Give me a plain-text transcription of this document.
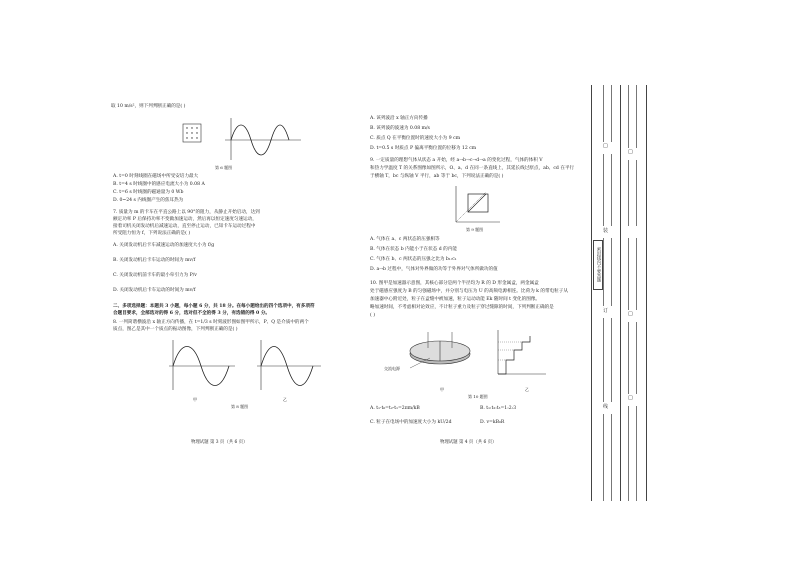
取 10 m/s²，则下列判断正确的是( )
第 6 题图
A. t=0 时刻线圈在磁场中所受安培力最大
B. t=4 s 时线圈中的感应电流大小为 0.08 A
C. t=6 s 时线圈的磁通量为 0 Wb
D. 0~24 s 内线圈产生的焦耳热为
7. 质量为 m 的卡车在平直公路上以 90°的阻力，从静止开始启动，达到
额定功率 P 后保持功率不变做加速运动，然后再以恒定速度匀速运动，
接着司机关闭发动机后减速运动，直至停止运动，已知卡车运动过程中
所受阻力恒为 f，下列说法正确的是( )
A. 关闭发动机后卡车减速运动的加速度大小为 f/g
B. 关闭发动机后卡车运动的时间为 mv/f
C. 关闭发动机前卡车的最小牵引力为 P/v
D. 关闭发动机后卡车运动的时间为 mv/f
二、多项选择题：本题共 3 小题，每小题 6 分，共 18 分。在每小题给出的四个选项中，有多项符
合题目要求，全部选对的得 6 分，选对但不全的得 3 分，有选错的得 0 分。
8. 一列简谐横波沿 x 轴正方向传播，在 t=1/3 s 时刻波形图如图甲所示，P、Q 是介质中的两个
质点，图乙是其中一个质点的振动图像，下列判断正确的是( )
甲	乙
第 8 题图
物理试题 第 3 页（共 6 页）
A. 该列波沿 x 轴正方向传播
B. 该列波的波速为 0.08 m/s
C. 质点 Q 在平衡位置时的速度大小为 9 cm
D. t=0.5 s 时质点 P 偏离平衡位置的位移为 12 cm
9. 一定质量的理想气体从状态 a 开始，经 a→b→c→d→a 的变化过程，气体的体积 V
和热力学温度 T 的关系图像如图所示，O、a、d 在同一条直线上，其延长线过原点，ab、cd 在平行
于横轴 T，bc 与纵轴 V 平行，ab 等于 bc，下列说法正确的是( )
第 9 题图
A. 气体在 a、c 两状态的压强相等
B. 气体在状态 b 内能小于在状态 d 的内能
C. 气体在 b、c 两状态的压强之比为 b₁:c₁
D. a→b 过程中，气体对外界做的功等于外界对气体所做功的值
10. 图甲是加速器示意图，其核心部分是两个半径均为 R 的 D 形金属盒，两金属盒
处于磁感应强度为 B 的匀强磁场中，并分别与电压为 U 的高频电源相连。比荷为 k 的带电粒子从
加速器中心附近处，粒子在盒缝中被加速，粒子运动动能 Ek 随时间 t 变化的图像。
略加速时间，不考虑相对论效应，不计粒子重力及粒子穿过缝隙的时间，下列判断正确的是
( )
交流电源
甲	乙
第 10 题图
A. t₁-t₀=t₂-t₁=2πm/kB	B. t₁:t₂:t₃=1:2:3
C. 粒子在电场中的加速度大小为 kU/2d	D. v=kB₀R
物理试题 第 4 页（共 6 页）
密封线内不要答题
□
装
订
线
□
□
□
